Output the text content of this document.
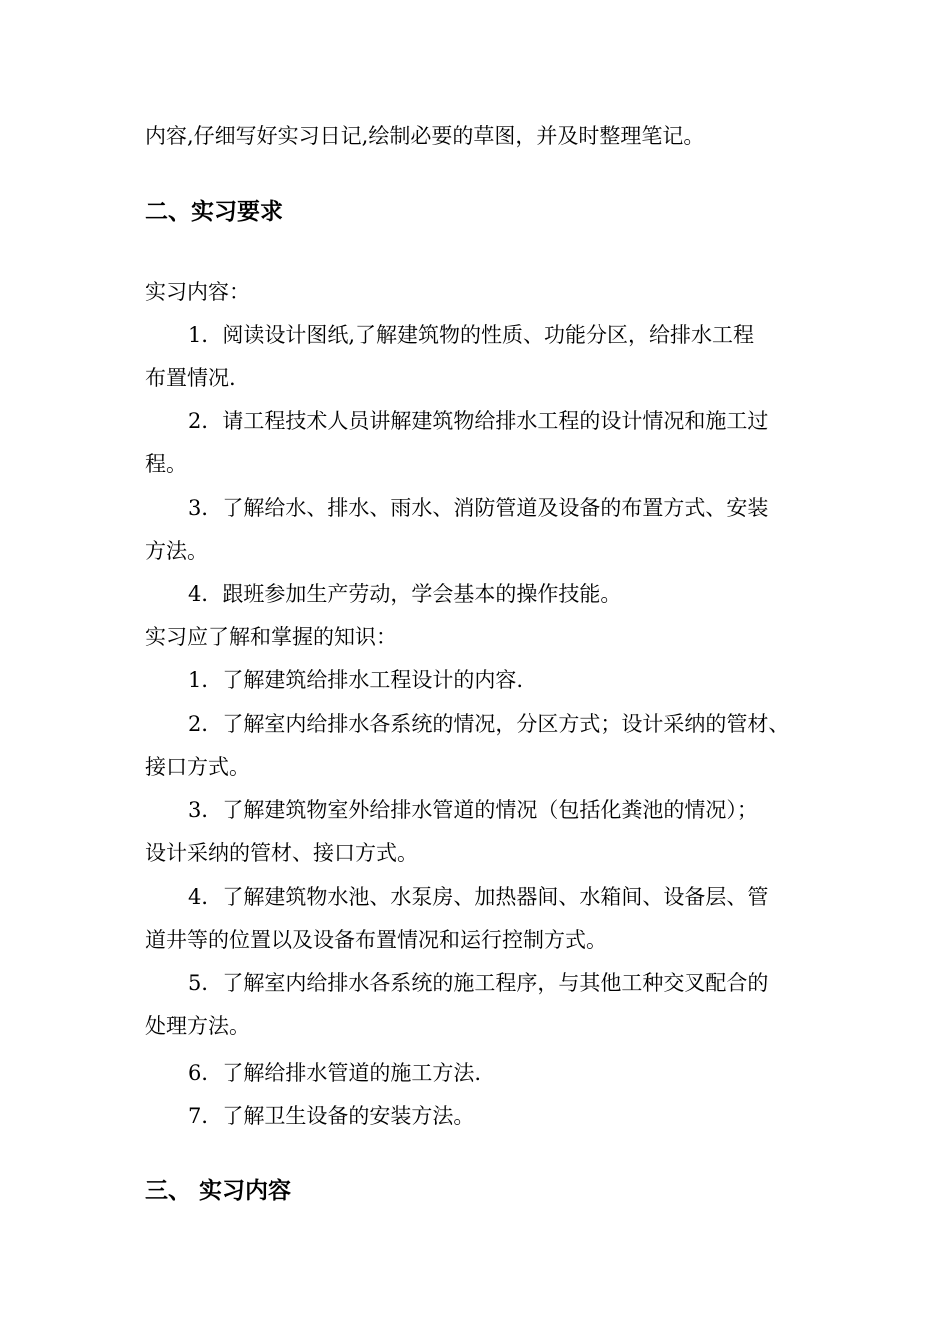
内容,仔细写好实习日记,绘制必要的草图，并及时整理笔记。
二、实习要求
实习内容：
1．阅读设计图纸,了解建筑物的性质、功能分区，给排水工程
布置情况.
2．请工程技术人员讲解建筑物给排水工程的设计情况和施工过
程。
3．了解给水、排水、雨水、消防管道及设备的布置方式、安装
方法。
4．跟班参加生产劳动，学会基本的操作技能。
实习应了解和掌握的知识：
1．了解建筑给排水工程设计的内容.
2．了解室内给排水各系统的情况，分区方式；设计采纳的管材、
接口方式。
3．了解建筑物室外给排水管道的情况（包括化粪池的情况）；
设计采纳的管材、接口方式。
4．了解建筑物水池、水泵房、加热器间、水箱间、设备层、管
道井等的位置以及设备布置情况和运行控制方式。
5．了解室内给排水各系统的施工程序，与其他工种交叉配合的
处理方法。
6．了解给排水管道的施工方法.
7．了解卫生设备的安装方法。
三、 实习内容
